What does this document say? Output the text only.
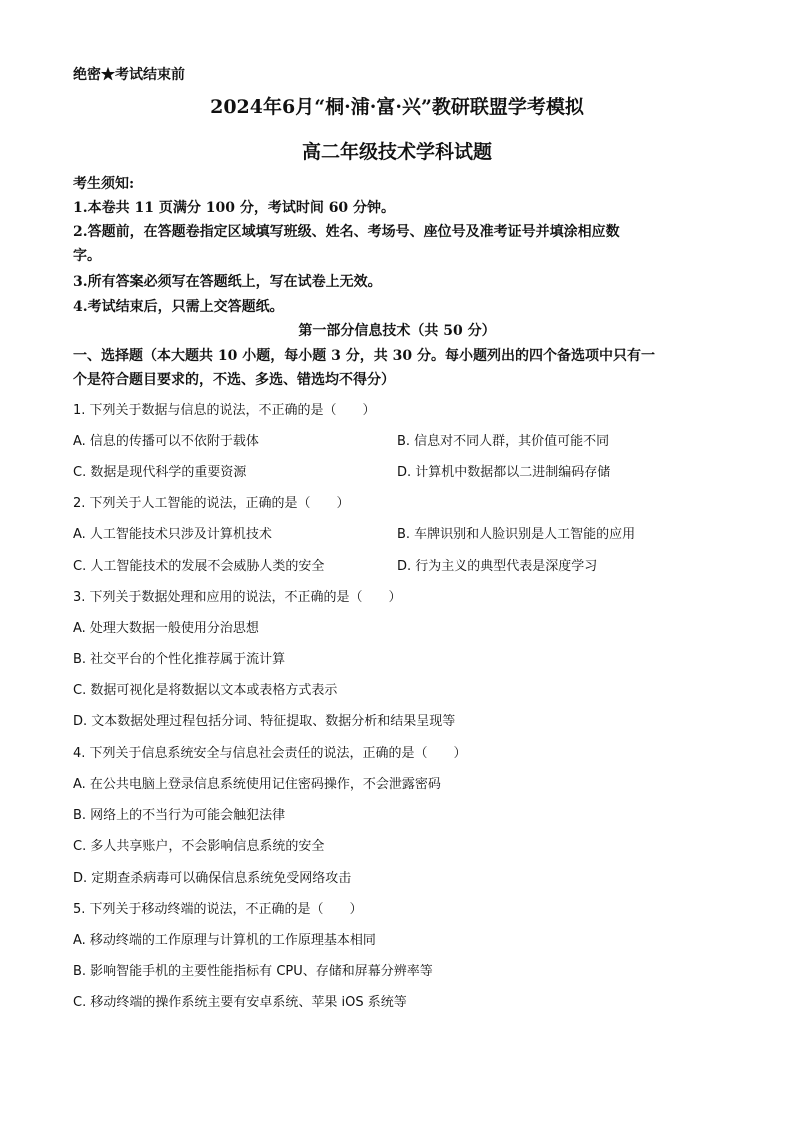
绝密★考试结束前
2024年6月“桐·浦·富·兴”教研联盟学考模拟
高二年级技术学科试题
考生须知:
1.本卷共 11 页满分 100 分，考试时间 60 分钟。
2.答题前，在答题卷指定区域填写班级、姓名、考场号、座位号及准考证号并填涂相应数
字。
3.所有答案必须写在答题纸上，写在试卷上无效。
4.考试结束后，只需上交答题纸。
第一部分信息技术（共 50 分）
一、选择题（本大题共 10 小题，每小题 3 分，共 30 分。每小题列出的四个备选项中只有一
个是符合题目要求的，不选、多选、错选均不得分）
1. 下列关于数据与信息的说法，不正确的是（　　）
A. 信息的传播可以不依附于载体	B. 信息对不同人群，其价值可能不同
C. 数据是现代科学的重要资源	D. 计算机中数据都以二进制编码存储
2. 下列关于人工智能的说法，正确的是（　　）
A. 人工智能技术只涉及计算机技术	B. 车牌识别和人脸识别是人工智能的应用
C. 人工智能技术的发展不会威胁人类的安全	D. 行为主义的典型代表是深度学习
3. 下列关于数据处理和应用的说法，不正确的是（　　）
A. 处理大数据一般使用分治思想
B. 社交平台的个性化推荐属于流计算
C. 数据可视化是将数据以文本或表格方式表示
D. 文本数据处理过程包括分词、特征提取、数据分析和结果呈现等
4. 下列关于信息系统安全与信息社会责任的说法，正确的是（　　）
A. 在公共电脑上登录信息系统使用记住密码操作，不会泄露密码
B. 网络上的不当行为可能会触犯法律
C. 多人共享账户，不会影响信息系统的安全
D. 定期查杀病毒可以确保信息系统免受网络攻击
5. 下列关于移动终端的说法，不正确的是（　　）
A. 移动终端的工作原理与计算机的工作原理基本相同
B. 影响智能手机的主要性能指标有 CPU、存储和屏幕分辨率等
C. 移动终端的操作系统主要有安卓系统、苹果 iOS 系统等
